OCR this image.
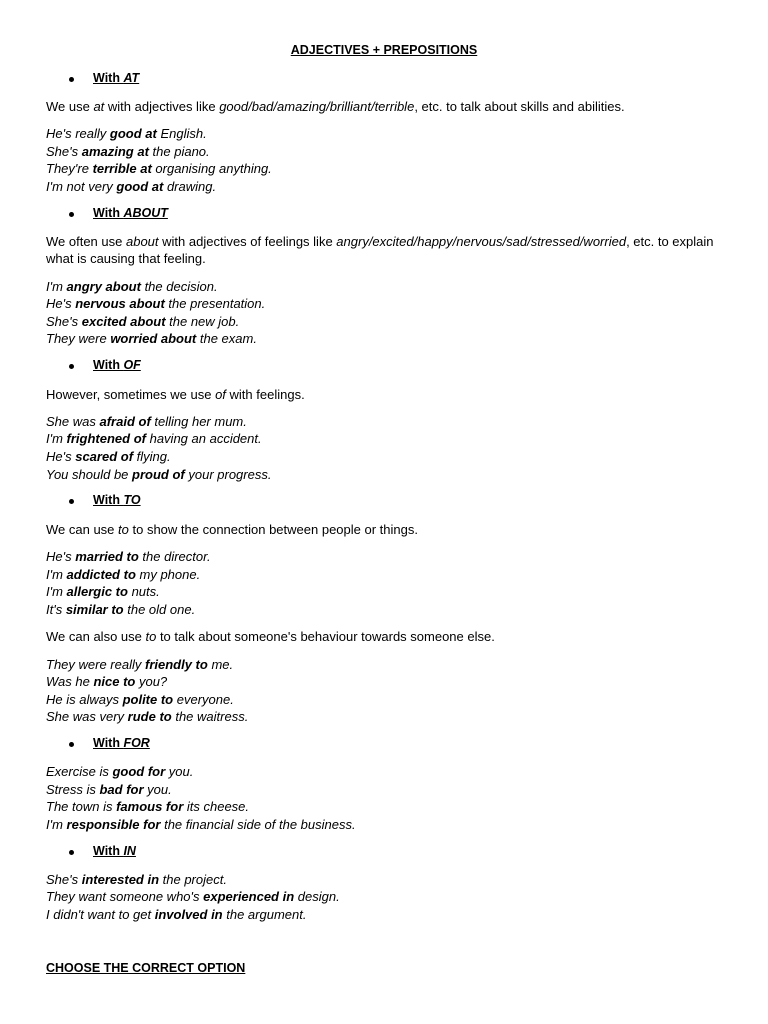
ADJECTIVES + PREPOSITIONS
With AT
We use at with adjectives like good/bad/amazing/brilliant/terrible, etc. to talk about skills and abilities.
He's really good at English.
She's amazing at the piano.
They're terrible at organising anything.
I'm not very good at drawing.
With ABOUT
We often use about with adjectives of feelings like angry/excited/happy/nervous/sad/stressed/worried, etc. to explain what is causing that feeling.
I'm angry about the decision.
He's nervous about the presentation.
She's excited about the new job.
They were worried about the exam.
With OF
However, sometimes we use of with feelings.
She was afraid of telling her mum.
I'm frightened of having an accident.
He's scared of flying.
You should be proud of your progress.
With TO
We can use to to show the connection between people or things.
He's married to the director.
I'm addicted to my phone.
I'm allergic to nuts.
It's similar to the old one.
We can also use to to talk about someone's behaviour towards someone else.
They were really friendly to me.
Was he nice to you?
He is always polite to everyone.
She was very rude to the waitress.
With FOR
Exercise is good for you.
Stress is bad for you.
The town is famous for its cheese.
I'm responsible for the financial side of the business.
With IN
She's interested in the project.
They want someone who's experienced in design.
I didn't want to get involved in the argument.
CHOOSE THE CORRECT OPTION
